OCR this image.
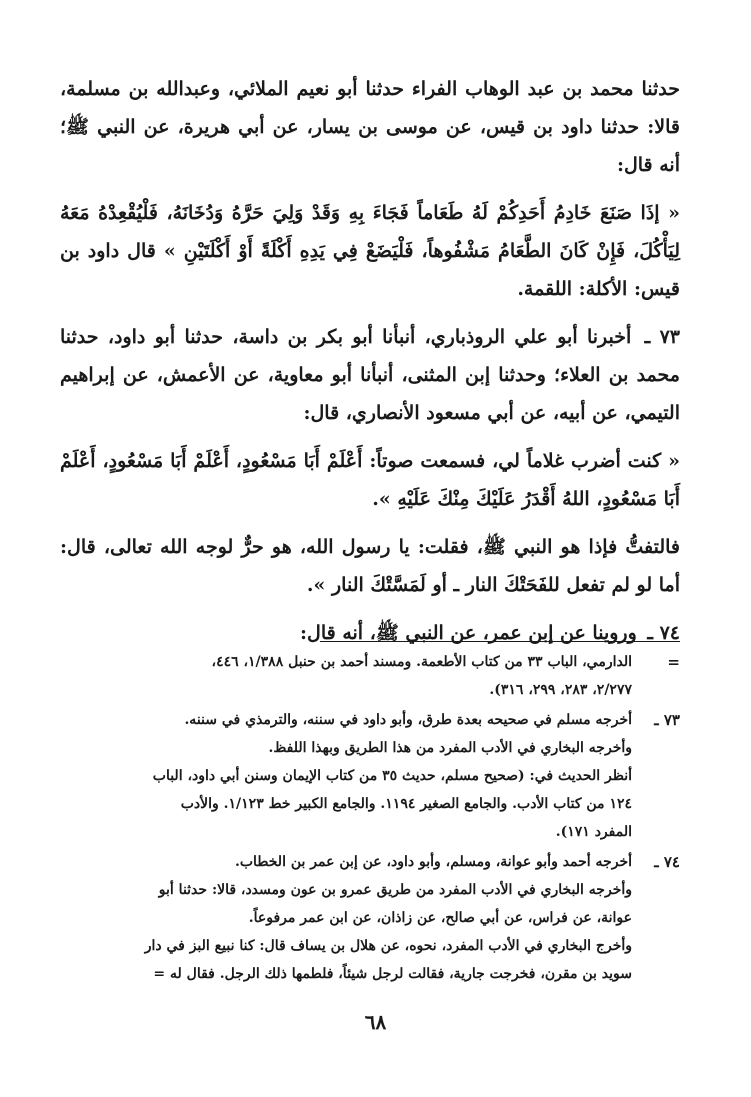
حدثنا محمد بن عبد الوهاب الفراء حدثنا أبو نعيم الملائي، وعبدالله بن مسلمة، قالا: حدثنا داود بن قيس، عن موسى بن يسار، عن أبي هريرة، عن النبي ﷺ؛ أنه قال:

« إذَا صَنَعَ خَادِمُ أَحَدِكُمْ لَهُ طَعَاماً فَجَاءَ بِهِ وَقَدْ وَلِيَ حَرَّهُ وَدُخَانَهُ، فَلْيُقْعِدْهُ مَعَهُ لِيَأْكُلَ، فَإِنْ كَانَ الطَّعَامُ مَشْفُوهاً، فَلْيَضَعْ فِي يَدِهِ أَكْلَةً أَوْ أَكْلَتَيْنِ » قال داود بن قيس: الأكلة: اللقمة.

٧٣ ـ أخبرنا أبو علي الروذباري، أنبأنا أبو بكر بن داسة، حدثنا أبو داود، حدثنا محمد بن العلاء؛ وحدثنا إبن المثنى، أنبأنا أبو معاوية، عن الأعمش، عن إبراهيم التيمي، عن أبيه، عن أبي مسعود الأنصاري، قال:

« كنت أضرب غلاماً لي، فسمعت صوتاً: أَعْلَمْ أَبَا مَسْعُودٍ، أَعْلَمْ أَبَا مَسْعُودٍ، أَعْلَمْ أَبَا مَسْعُودٍ، اللهُ أَقْدَرُ عَلَيْكَ مِنْكَ عَلَيْهِ ».

فالتفتُّ فإذا هو النبي ﷺ، فقلت: يا رسول الله، هو حرٌّ لوجه الله تعالى، قال: أما لو لم تفعل للفَحَتْكَ النار ـ أو لَمَسَّتْكَ النار ».

٧٤ ـ وروينا عن إبن عمر، عن النبي ﷺ، أنه قال:

=
الدارمي، الباب ٣٣ من كتاب الأطعمة. ومسند أحمد بن حنبل ١/٣٨٨، ٤٤٦،
٢/٢٧٧، ٢٨٣، ٢٩٩، ٣١٦).
٧٣ ـ
أخرجه مسلم في صحيحه بعدة طرق، وأبو داود في سننه، والترمذي في سننه.
وأخرجه البخاري في الأدب المفرد من هذا الطريق وبهذا اللفظ.
أنظر الحديث في: (صحيح مسلم، حديث ٣٥ من كتاب الإيمان وسنن أبي داود، الباب
١٢٤ من كتاب الأدب. والجامع الصغير ١١٩٤. والجامع الكبير خط ١/١٢٣. والأدب
المفرد ١٧١).
٧٤ ـ
أخرجه أحمد وأبو عوانة، ومسلم، وأبو داود، عن إبن عمر بن الخطاب.
وأخرجه البخاري في الأدب المفرد من طريق عمرو بن عون ومسدد، قالا: حدثنا أبو
عوانة، عن فراس، عن أبي صالح، عن زاذان، عن ابن عمر مرفوعاً.
وأخرج البخاري في الأدب المفرد، نحوه، عن هلال بن يساف قال: كنا نبيع البز في دار
سويد بن مقرن، فخرجت جارية، فقالت لرجل شيئاً، فلطمها ذلك الرجل. فقال له =
٦٨
